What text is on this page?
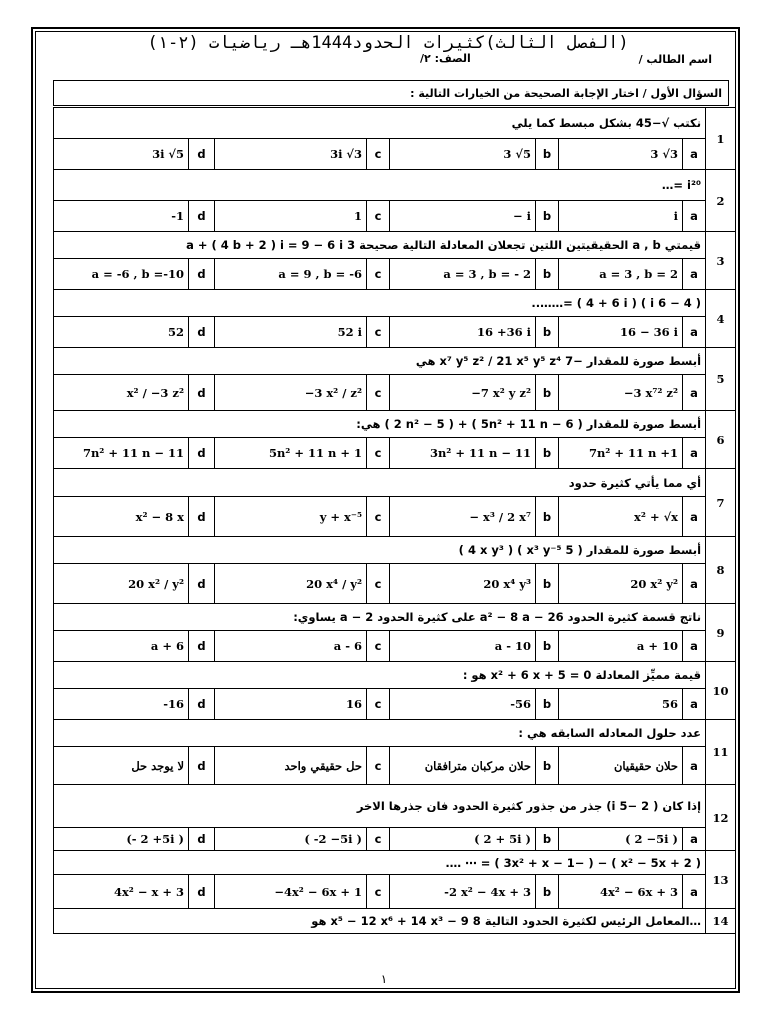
(الفصل الثالث)كثيرات الحدود1444هـ رياضيات (٢-١)
اسم الطالب /
الصف: ٢/
السؤال الأول / اختار الإجابة الصحيحة من الخيارات التالية :
نكتب √−45 بشكل مبسط كما يلي								1
3i √5	d	3i √3	c	3 √5	b	3 √3	a	
i²⁰ =…								2
-1	d	1	c	− i	b	i	a	
قيمتي a , b الحقيقيتين اللتين تجعلان المعادلة التالية صحيحة 3 a + ( 4 b + 2 ) i = 9 − 6 i								3
a = -6 , b =-10	d	a = 9 , b = -6	c	a = 3 , b = - 2	b	a = 3 , b = 2	a	
( 4 − 6 i ) ( 4 + 6 i ) =……..								4
52	d	52 i	c	16 +36 i	b	16 − 36 i	a	
أبسط صورة للمقدار −7 x⁷ y⁵ z² / 21 x⁵ y⁵ z⁴ هي								5
x² / −3 z²	d	−3 x² / z²	c	−7 x² y z²	b	−3 x⁷² z²	a	
أبسط صورة للمقدار ( 5n² + 11 n − 6 ) + ( 2 n² − 5 ) هي:								6
7n² + 11 n − 11	d	5n² + 11 n + 1	c	3n² + 11 n − 11	b	7n² + 11 n +1	a	
أي مما يأتي كثيرة حدود								7
x² − 8 x	d	y + x⁻⁵	c	− x³ / 2 x⁷	b	x² + √x	a	
أبسط صورة للمقدار ( 5 x³ y⁻⁵ ) ( 4 x y³ )								8
20 x² / y²	d	20 x⁴ / y²	c	20 x⁴ y³	b	20 x² y²	a	
ناتج قسمة كثيرة الحدود a² − 8 a − 26 على كثيرة الحدود a − 2 يساوي:								9
a + 6	d	a - 6	c	a - 10	b	a + 10	a	
قيمة مميِّز المعادلة x² + 6 x + 5 = 0 هو :								10
-16	d	16	c	-56	b	56	a	
عدد حلول المعادله السابقه هي :								11
لا يوجد حل	d	حل حقيقي واحد	c	حلان مركبان مترافقان	b	حلان حقيقيان	a	
إذا كان ( i 5− 2) جذر من جذور كثيرة الحدود فان جذرها الاخر								12
(- 2 +5i )	d	( -2 −5i )	c	( 2 + 5i )	b	( 2 −5i )	a	
( x² − 5x + 2 ) − ( −3x² + x − 1 ) = ⋯ ….								13
4x² − x + 3	d	−4x² − 6x + 1	c	-2 x² − 4x + 3	b	4x² − 6x + 3	a	
…المعامل الرئيس لكثيرة الحدود التالية 8 x⁵ − 12 x⁶ + 14 x³ − 9 هو								14
١
